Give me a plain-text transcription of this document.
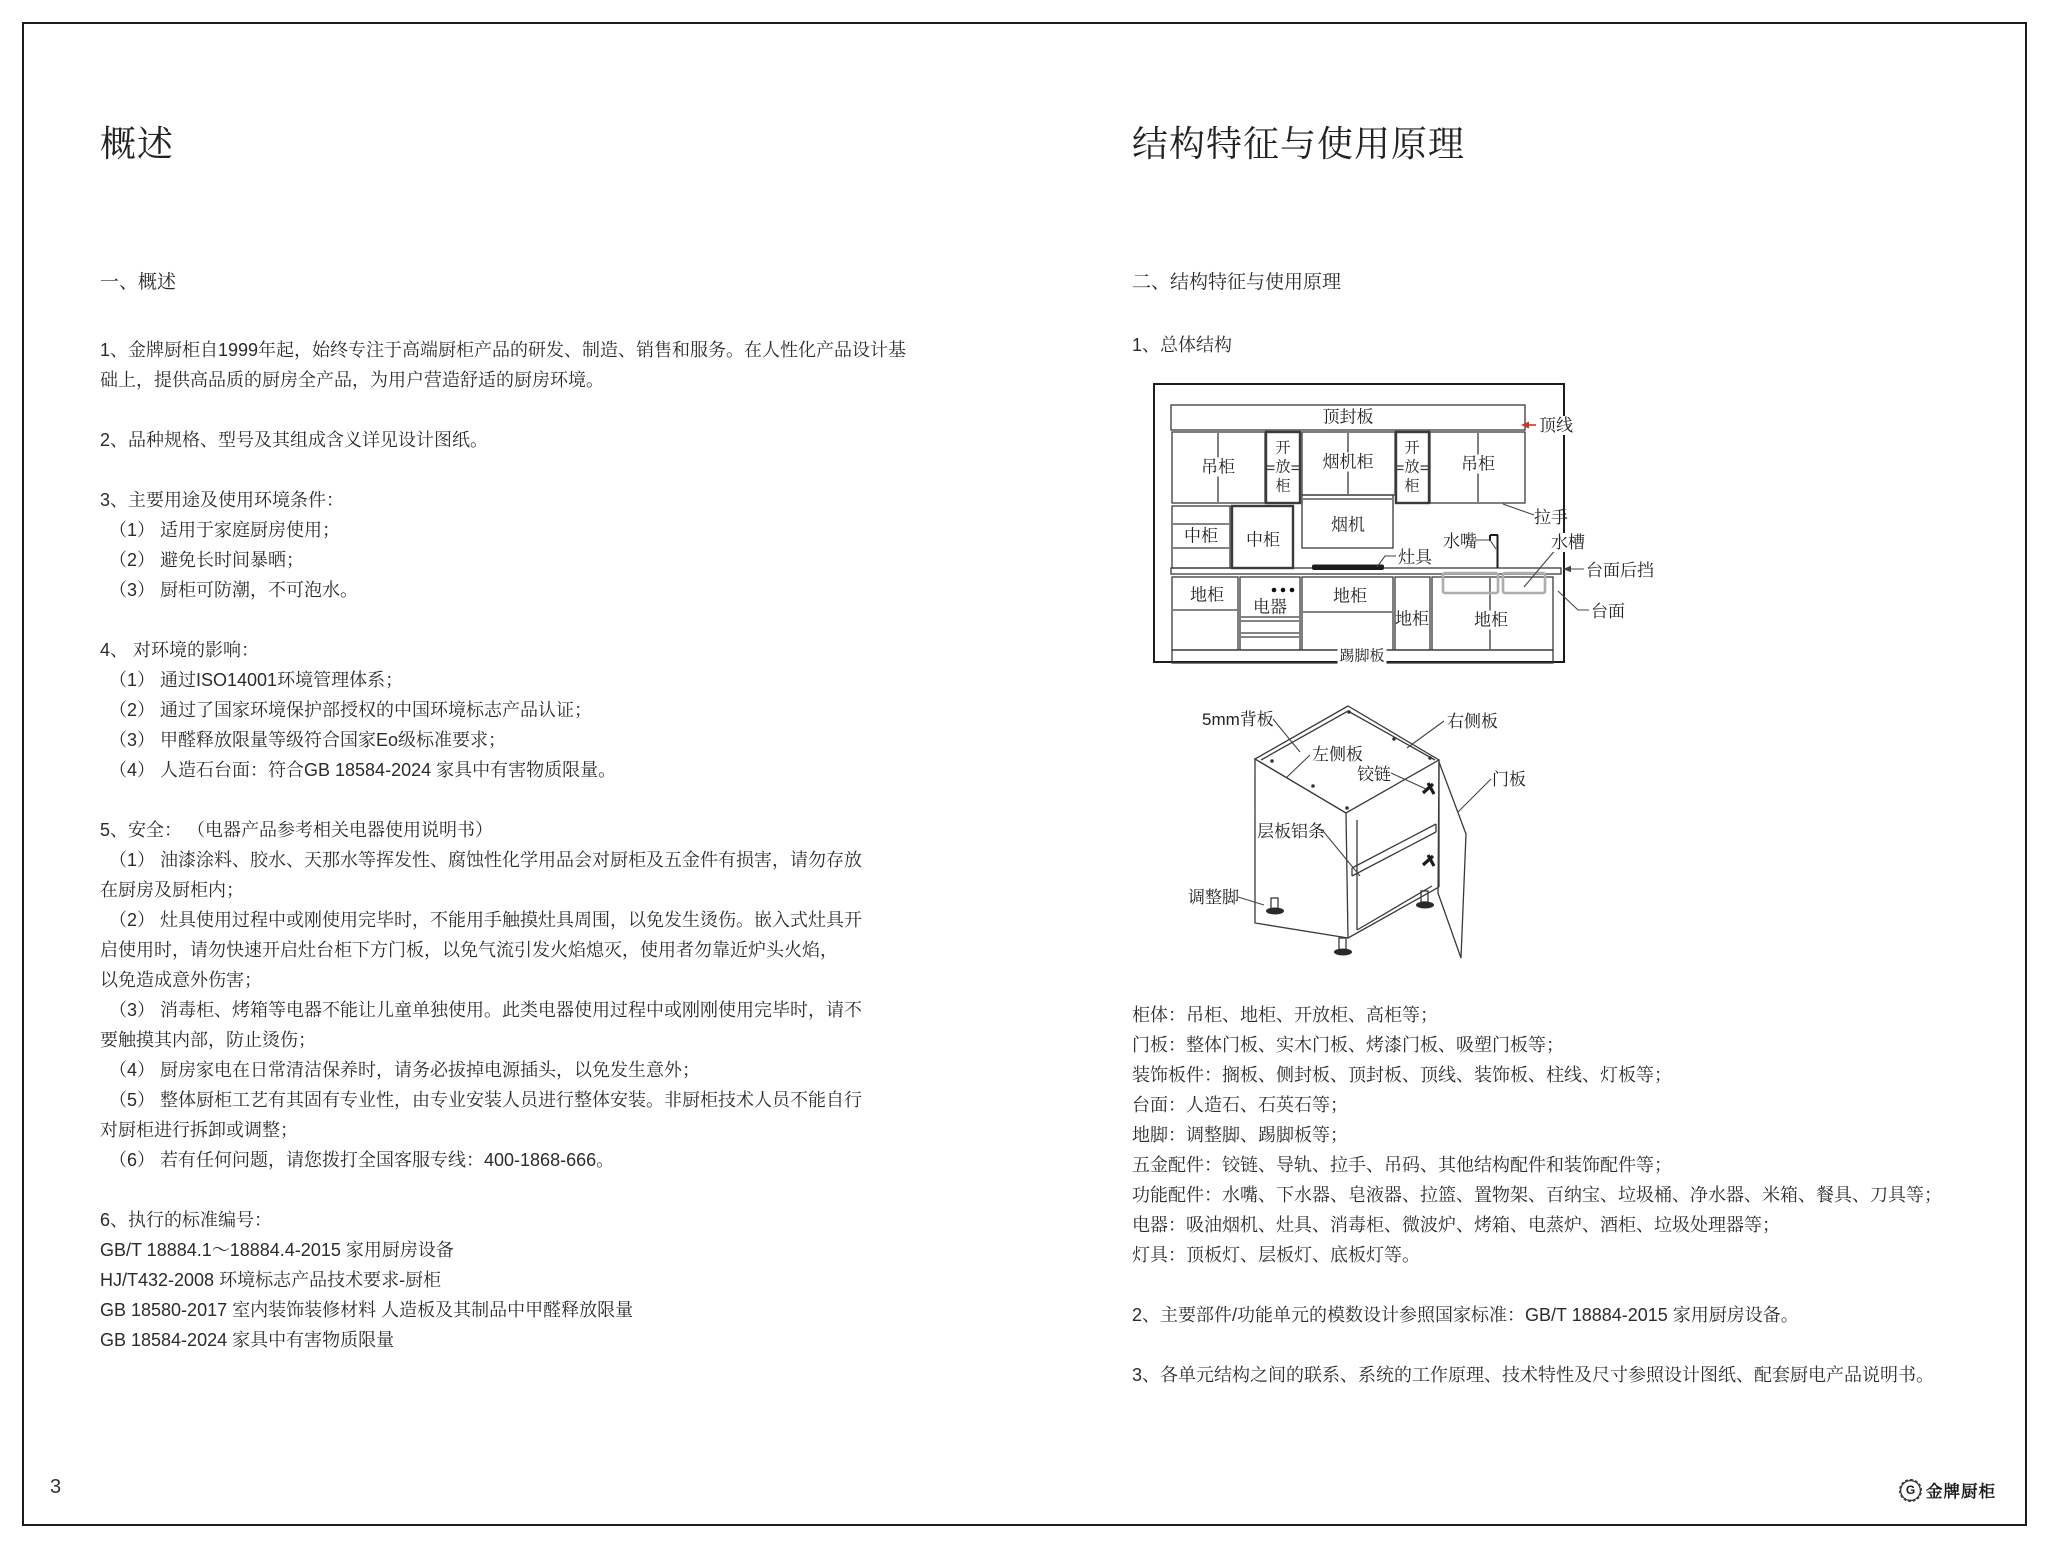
概述
一、概述
1、金牌厨柜自1999年起，始终专注于高端厨柜产品的研发、制造、销售和服务。在人性化产品设计基
础上，提供高品质的厨房全产品，为用户营造舒适的厨房环境。
2、品种规格、型号及其组成含义详见设计图纸。
3、主要用途及使用环境条件：
（1） 适用于家庭厨房使用；
（2） 避免长时间暴晒；
（3） 厨柜可防潮，不可泡水。
4、 对环境的影响：
（1） 通过ISO14001环境管理体系；
（2） 通过了国家环境保护部授权的中国环境标志产品认证；
（3） 甲醛释放限量等级符合国家Eo级标准要求；
（4） 人造石台面：符合GB 18584-2024 家具中有害物质限量。
5、安全： （电器产品参考相关电器使用说明书）
（1） 油漆涂料、胶水、天那水等挥发性、腐蚀性化学用品会对厨柜及五金件有损害，请勿存放
在厨房及厨柜内；
（2） 灶具使用过程中或刚使用完毕时，不能用手触摸灶具周围，以免发生烫伤。嵌入式灶具开
启使用时，请勿快速开启灶台柜下方门板，以免气流引发火焰熄灭，使用者勿靠近炉头火焰，
以免造成意外伤害；
（3） 消毒柜、烤箱等电器不能让儿童单独使用。此类电器使用过程中或刚刚使用完毕时，请不
要触摸其内部，防止烫伤；
（4） 厨房家电在日常清洁保养时，请务必拔掉电源插头，以免发生意外；
（5） 整体厨柜工艺有其固有专业性，由专业安装人员进行整体安装。非厨柜技术人员不能自行
对厨柜进行拆卸或调整；
（6） 若有任何问题，请您拨打全国客服专线：400-1868-666。
6、执行的标准编号：
GB/T 18884.1～18884.4-2015 家用厨房设备
HJ/T432-2008 环境标志产品技术要求-厨柜
GB 18580-2017 室内装饰装修材料 人造板及其制品中甲醛释放限量
GB 18584-2024 家具中有害物质限量
结构特征与使用原理
二、结构特征与使用原理
1、总体结构
顶封板	顶线
吊柜
开放柜
烟机柜
开放柜
吊柜
拉手
中柜 中柜
烟机
灶具
水嘴	水槽
台面后挡
台面
地柜
电器
地柜
地柜	地柜
踢脚板
5mm背板	右侧板
左侧板
铰链	门板
层板铝条
调整脚
柜体：吊柜、地柜、开放柜、高柜等；
门板：整体门板、实木门板、烤漆门板、吸塑门板等；
装饰板件：搁板、侧封板、顶封板、顶线、装饰板、柱线、灯板等；
台面：人造石、石英石等；
地脚：调整脚、踢脚板等；
五金配件：铰链、导轨、拉手、吊码、其他结构配件和装饰配件等；
功能配件：水嘴、下水器、皂液器、拉篮、置物架、百纳宝、垃圾桶、净水器、米箱、餐具、刀具等；
电器：吸油烟机、灶具、消毒柜、微波炉、烤箱、电蒸炉、酒柜、垃圾处理器等；
灯具：顶板灯、层板灯、底板灯等。
2、主要部件/功能单元的模数设计参照国家标准：GB/T 18884-2015 家用厨房设备。
3、各单元结构之间的联系、系统的工作原理、技术特性及尺寸参照设计图纸、配套厨电产品说明书。
3	G 金牌厨柜
